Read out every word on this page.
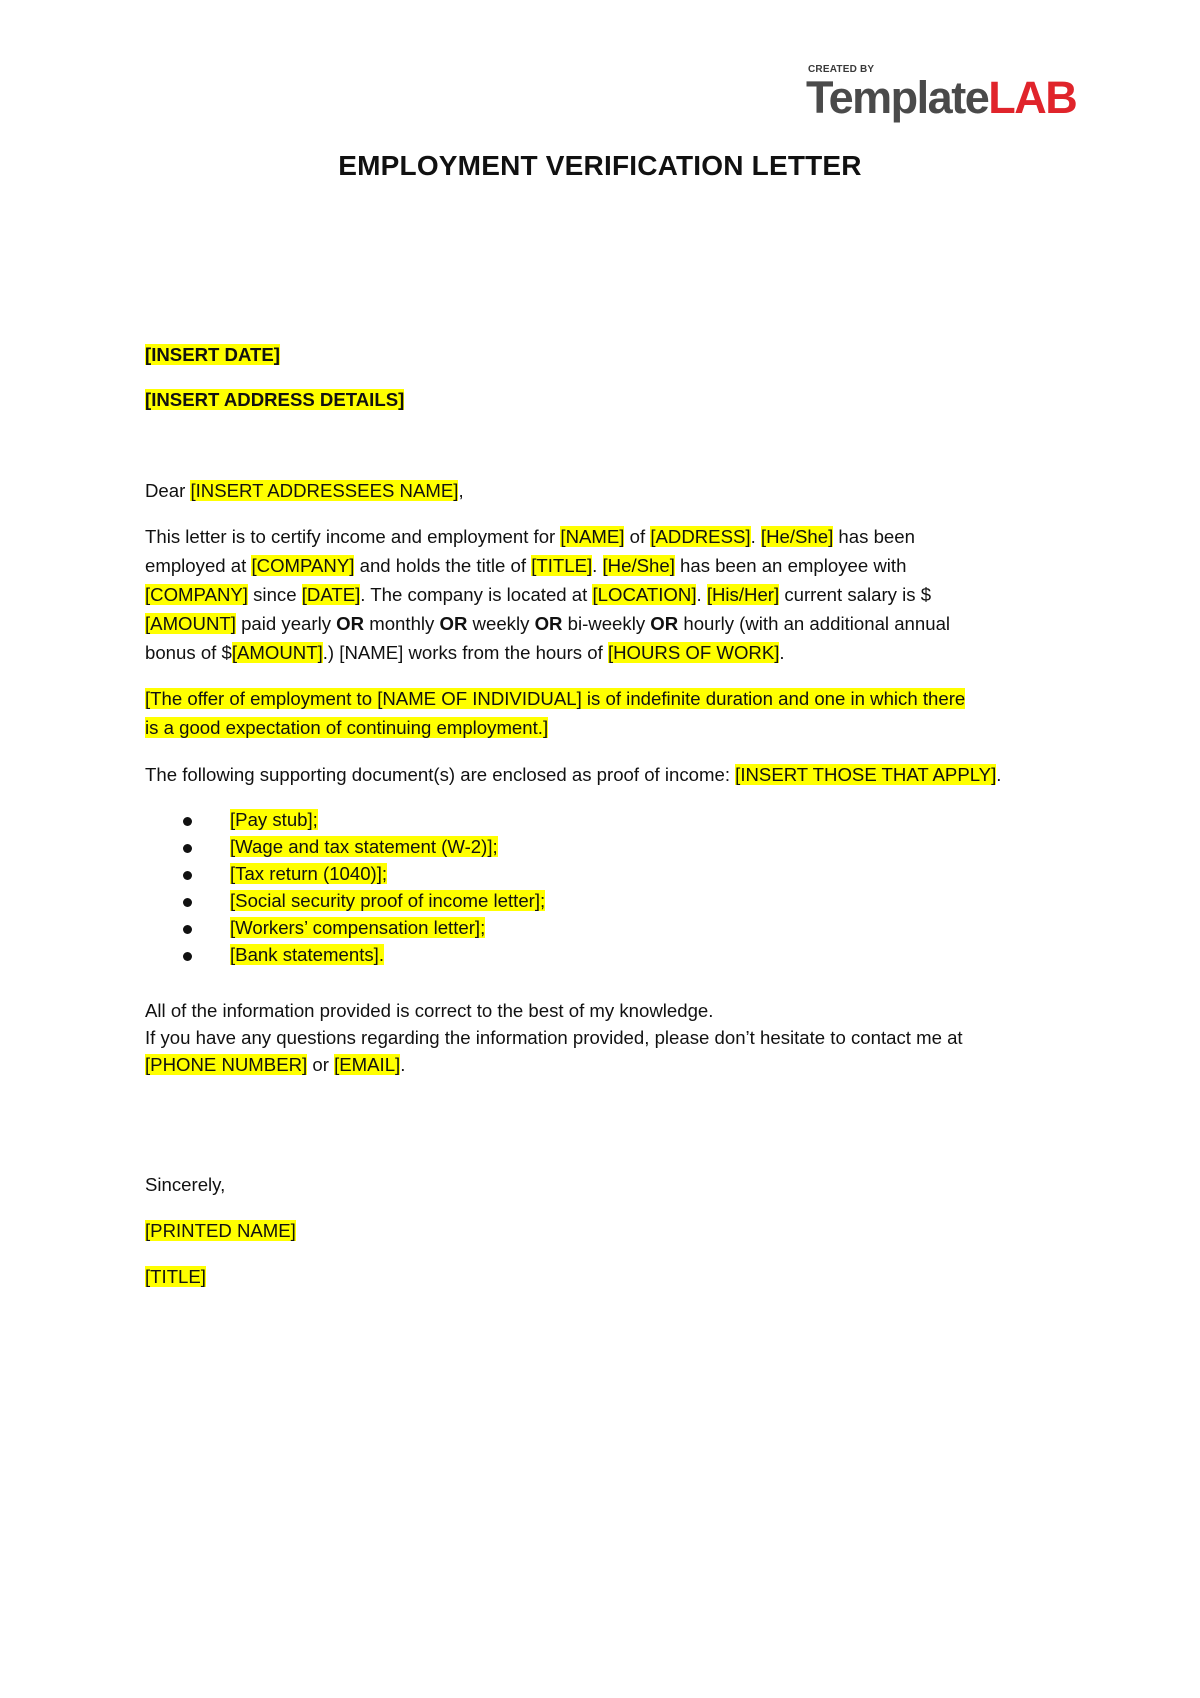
CREATED BY
TemplateLAB
EMPLOYMENT VERIFICATION LETTER
[INSERT DATE]
[INSERT ADDRESS DETAILS]
Dear [INSERT ADDRESSEES NAME],
This letter is to certify income and employment for [NAME] of [ADDRESS]. [He/She] has been
employed at [COMPANY] and holds the title of [TITLE]. [He/She] has been an employee with
[COMPANY] since [DATE]. The company is located at [LOCATION]. [His/Her] current salary is $
[AMOUNT] paid yearly OR monthly OR weekly OR bi-weekly OR hourly (with an additional annual
bonus of $[AMOUNT].) [NAME] works from the hours of [HOURS OF WORK].
[The offer of employment to [NAME OF INDIVIDUAL] is of indefinite duration and one in which there
is a good expectation of continuing employment.]
The following supporting document(s) are enclosed as proof of income: [INSERT THOSE THAT APPLY].
[Pay stub];
[Wage and tax statement (W-2)];
[Tax return (1040)];
[Social security proof of income letter];
[Workers’ compensation letter];
[Bank statements].
All of the information provided is correct to the best of my knowledge.
If you have any questions regarding the information provided, please don’t hesitate to contact me at
[PHONE NUMBER] or [EMAIL].
Sincerely,
[PRINTED NAME]
[TITLE]
